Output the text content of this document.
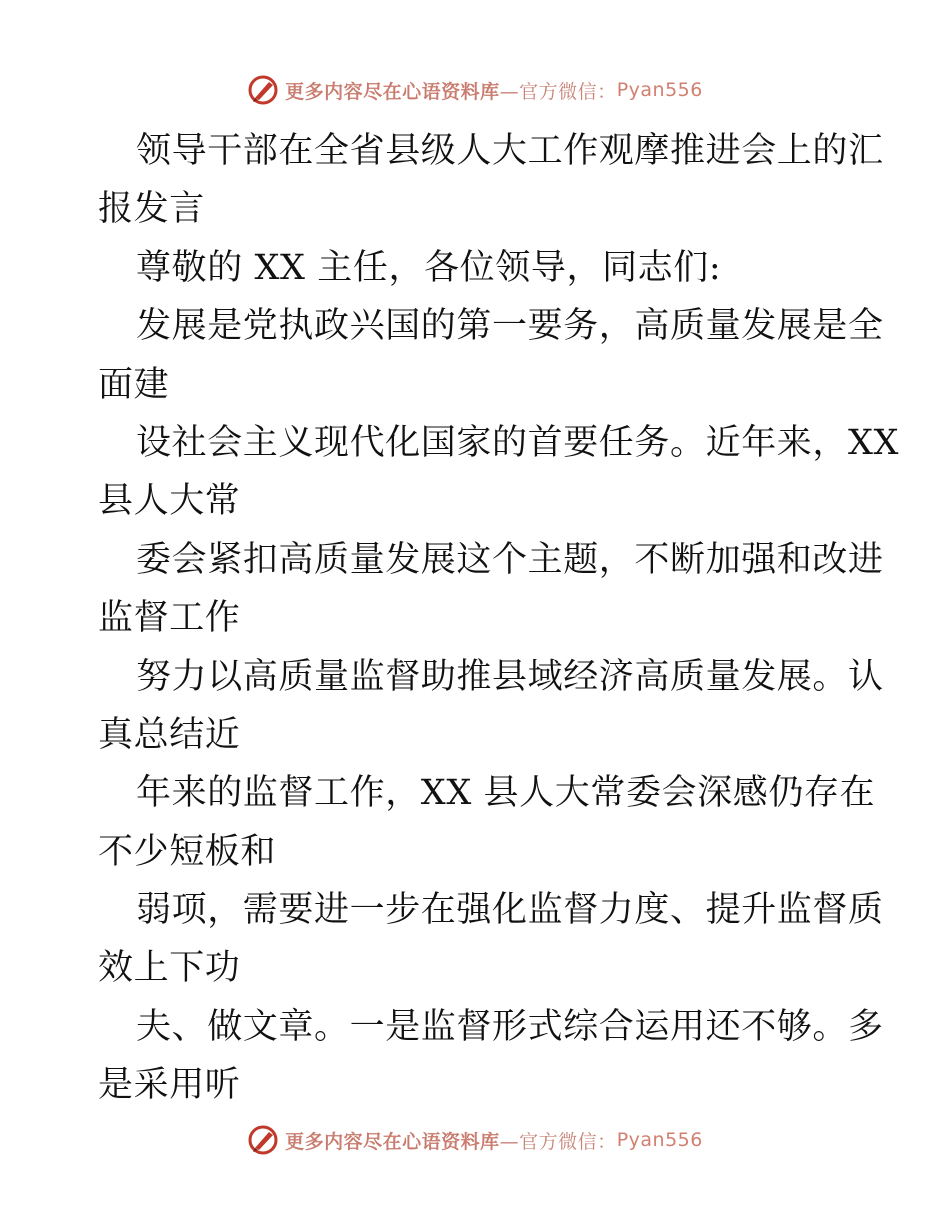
更多内容尽在心语资料库 —官方微信： Pyan556
领导干部在全省县级人大工作观摩推进会上的汇
报发言
尊敬的 XX 主任，各位领导，同志们:
发展是党执政兴国的第一要务，高质量发展是全
面建
设社会主义现代化国家的首要任务。近年来，XX
县人大常
委会紧扣高质量发展这个主题，不断加强和改进
监督工作
努力以高质量监督助推县域经济高质量发展。认
真总结近
年来的监督工作，XX 县人大常委会深感仍存在
不少短板和
弱项，需要进一步在强化监督力度、提升监督质
效上下功
夫、做文章。一是监督形式综合运用还不够。多
是采用听
更多内容尽在心语资料库 —官方微信： Pyan556
